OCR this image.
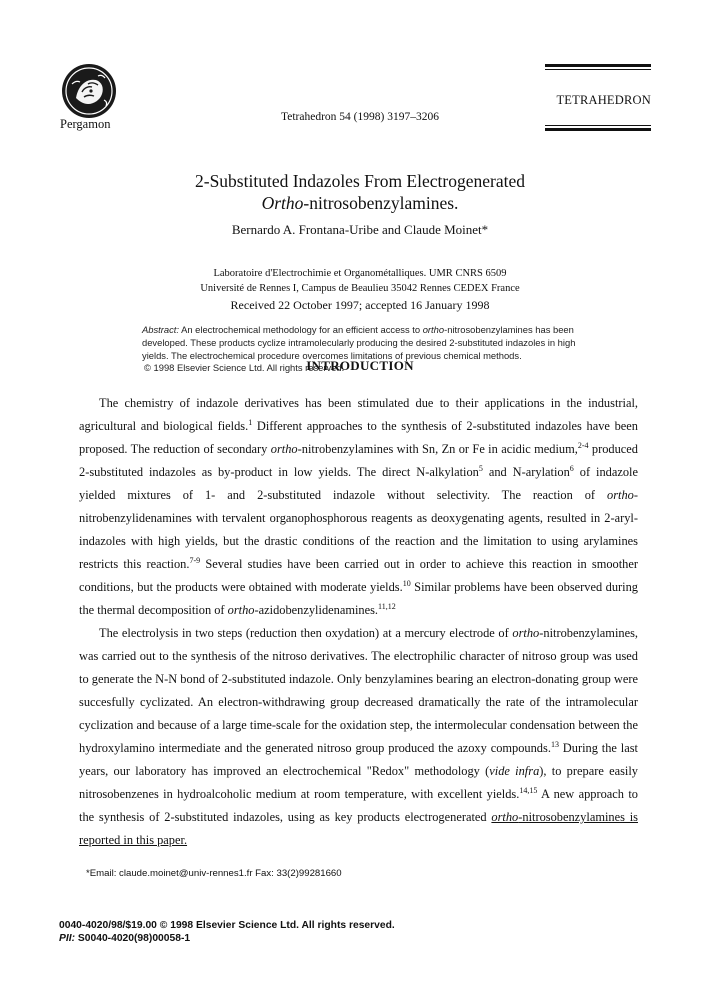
Pergamon	Tetrahedron 54 (1998) 3197–3206
TETRAHEDRON
2-Substituted Indazoles From Electrogenerated
Ortho-nitrosobenzylamines.
Bernardo A. Frontana-Uribe and Claude Moinet*
Laboratoire d'Electrochimie et Organométalliques. UMR CNRS 6509
Université de Rennes I, Campus de Beaulieu 35042 Rennes CEDEX France
Received 22 October 1997; accepted 16 January 1998
Abstract: An electrochemical methodology for an efficient access to ortho-nitrosobenzylamines has been developed. These products cyclize intramolecularly producing the desired 2-substituted indazoles in high yields. The electrochemical procedure overcomes limitations of previous chemical methods.
© 1998 Elsevier Science Ltd. All rights reserved.
INTRODUCTION

The chemistry of indazole derivatives has been stimulated due to their applications in the industrial, agricultural and biological fields.$^1$ Different approaches to the synthesis of 2-substituted indazoles have been proposed. The reduction of secondary ortho-nitrobenzylamines with Sn, Zn or Fe in acidic medium,$^{2-4}$ produced 2-substituted indazoles as by-product in low yields. The direct N-alkylation$^5$ and N-arylation$^6$ of indazole yielded mixtures of 1- and 2-substituted indazole without selectivity. The reaction of ortho-nitrobenzylidenamines with tervalent organophosphorous reagents as deoxygenating agents, resulted in 2-aryl-indazoles with high yields, but the drastic conditions of the reaction and the limitation to using arylamines restricts this reaction.$^{7-9}$ Several studies have been carried out in order to achieve this reaction in smoother conditions, but the products were obtained with moderate yields.$^{10}$ Similar problems have been observed during the thermal decomposition of ortho-azidobenzylidenamines.$^{11,12}$

The electrolysis in two steps (reduction then oxydation) at a mercury electrode of ortho-nitrobenzylamines, was carried out to the synthesis of the nitroso derivatives. The electrophilic character of nitroso group was used to generate the N-N bond of 2-substituted indazole. Only benzylamines bearing an electron-donating group were succesfully cyclizated. An electron-withdrawing group decreased dramatically the rate of the intramolecular cyclization and because of a large time-scale for the oxidation step, the intermolecular condensation between the hydroxylamino intermediate and the generated nitroso group produced the azoxy compounds.$^{13}$ During the last years, our laboratory has improved an electrochemical "Redox" methodology (vide infra), to prepare easily nitrosobenzenes in hydroalcoholic medium at room temperature, with excellent yields.$^{14,15}$ A new approach to the synthesis of 2-substituted indazoles, using as key products electrogenerated ortho-nitrosobenzylamines is reported in this paper.

*Email: claude.moinet@univ-rennes1.fr Fax: 33(2)99281660
0040-4020/98/$19.00 © 1998 Elsevier Science Ltd. All rights reserved.
PII: S0040-4020(98)00058-1
